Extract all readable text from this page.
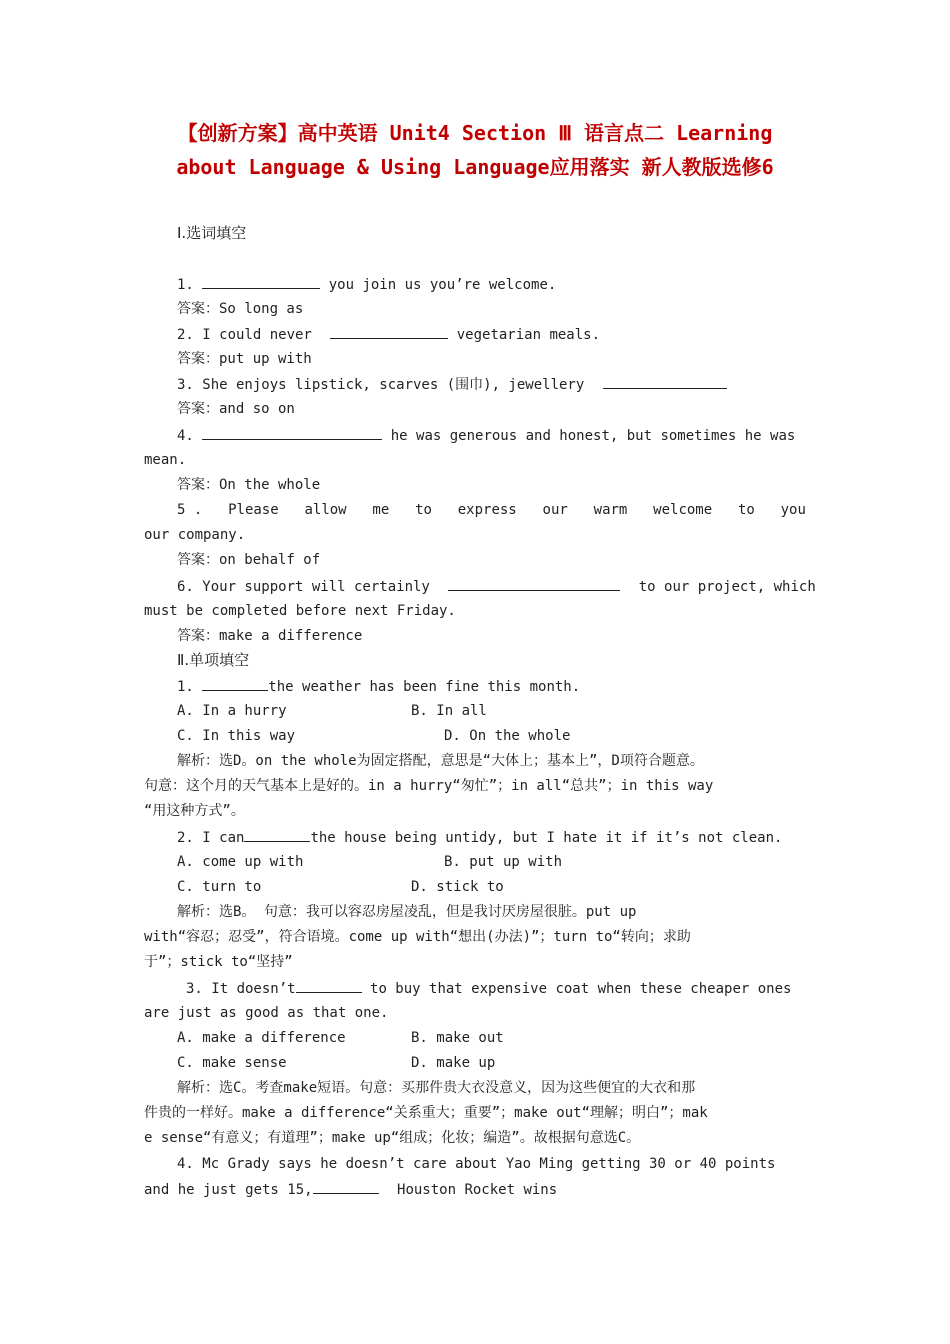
【创新方案】高中英语 Unit4 Section Ⅲ 语言点二 Learning
about Language & Using Language应用落实 新人教版选修6
Ⅰ.选词填空
1.	you join us you’re welcome.
答案：So long as
2. I could never	vegetarian meals.
答案：put up with
3. She enjoys lipstick, scarves (围巾), jewellery
答案：and so on
4.	he was generous and honest, but sometimes he was
mean.
答案：On the whole
5 . Please allow me to express our warm welcome to you
our company.
答案：on behalf of
6. Your support will certainly	to our project, which
must be completed before next Friday.
答案：make a difference
Ⅱ.单项填空
1.	the weather has been fine this month.
A. In a hurry	B. In all
C. In this way	D. On the whole
解析：选D。on the whole为固定搭配，意思是“大体上；基本上”，D项符合题意。
句意：这个月的天气基本上是好的。in a hurry“匆忙”；in all“总共”；in this way
“用这种方式”。
2. I can	the house being untidy, but I hate it if it’s not clean.
A. come up with	B. put up with
C. turn to	D. stick to
解析：选B。 句意：我可以容忍房屋凌乱，但是我讨厌房屋很脏。put up
with“容忍；忍受”，符合语境。come up with“想出(办法)”；turn to“转向；求助
于”；stick to“坚持”
3. It doesn’t	to buy that expensive coat when these cheaper ones
are just as good as that one.
A. make a difference	B. make out
C. make sense	D. make up
解析：选C。考查make短语。句意：买那件贵大衣没意义，因为这些便宜的大衣和那
件贵的一样好。make a difference“关系重大；重要”；make out“理解；明白”；mak
e sense“有意义；有道理”；make up“组成；化妆；编造”。故根据句意选C。
4. Mc Grady says he doesn’t care about Yao Ming getting 30 or 40 points
and he just gets 15,	Houston Rocket wins
